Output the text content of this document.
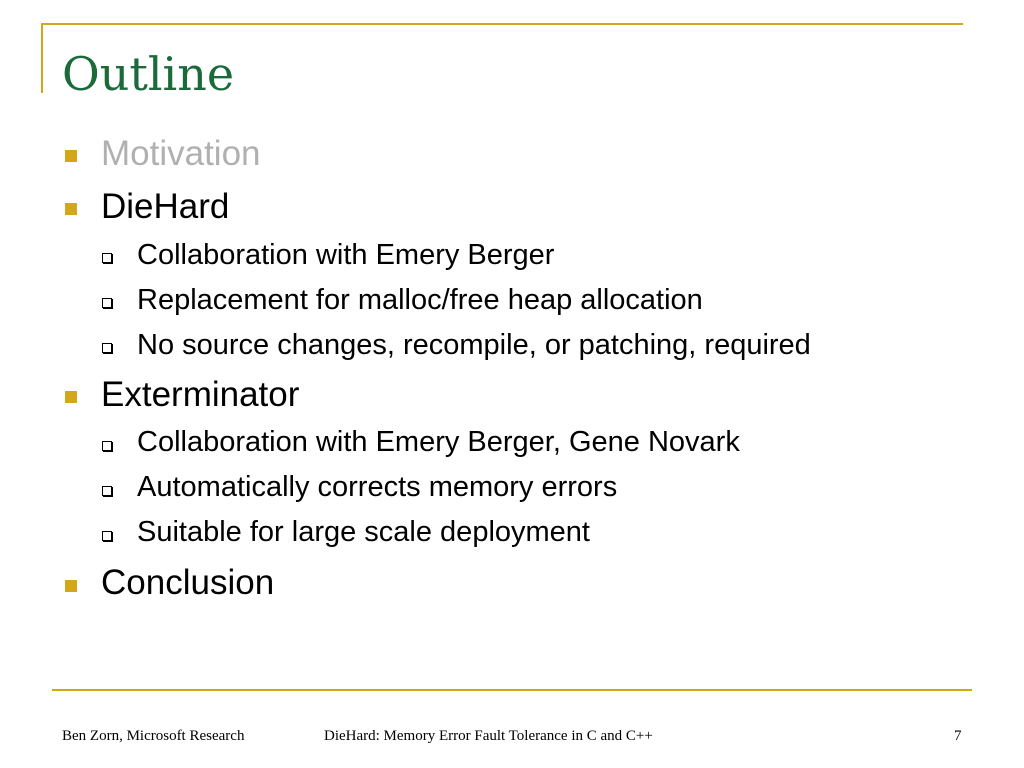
Outline
Motivation
DieHard
Collaboration with Emery Berger
Replacement for malloc/free heap allocation
No source changes, recompile, or patching, required
Exterminator
Collaboration with Emery Berger, Gene Novark
Automatically corrects memory errors
Suitable for large scale deployment
Conclusion
Ben Zorn, Microsoft Research	DieHard: Memory Error Fault Tolerance in C and C++	7
